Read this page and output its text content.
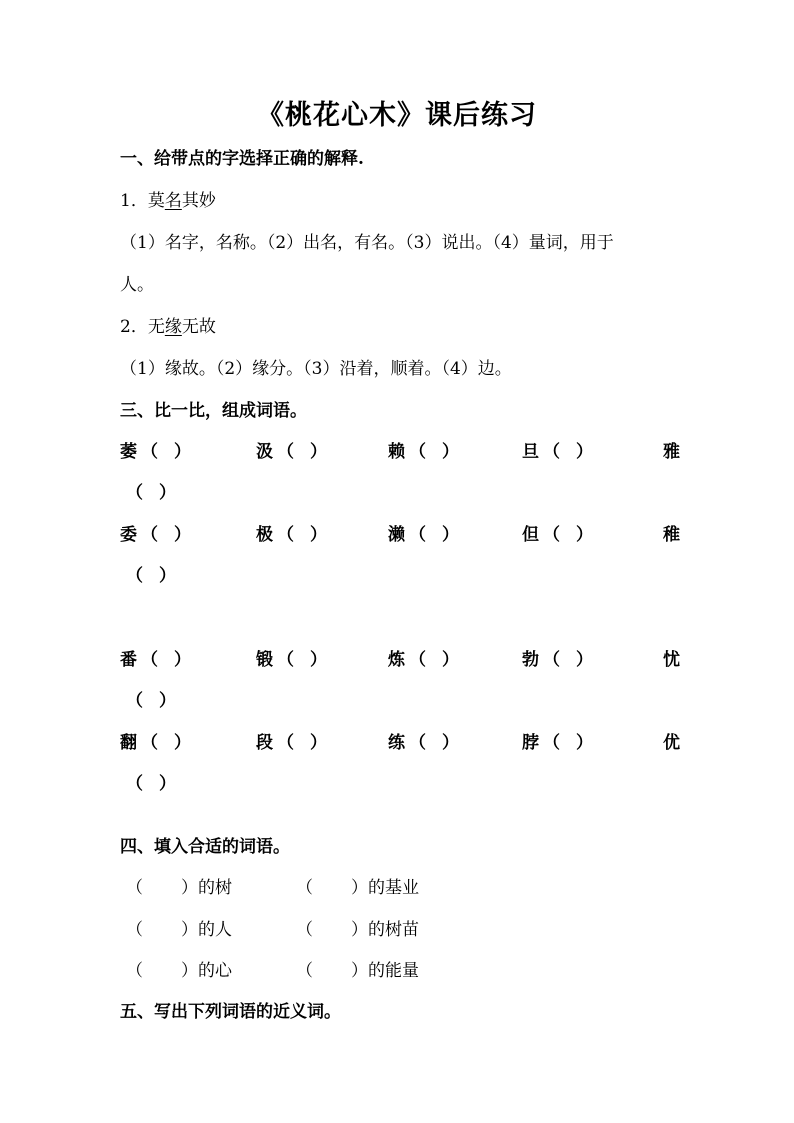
《桃花心木》课后练习
一、给带点的字选择正确的解释.
1．莫名其妙
（1）名字，名称。（2）出名，有名。（3）说出。（4）量词，用于
人。
2．无缘无故
（1）缘故。（2）缘分。（3）沿着，顺着。（4）边。
三、比一比，组成词语。
萎 （ ）	汲 （ ）	赖 （ ）	旦 （ ）	雅
（ ）
委 （ ）	极 （ ）	濑 （ ）	但 （ ）	稚
（ ）
番 （ ）	锻 （ ）	炼 （ ）	勃 （ ）	忧
（ ）
翻 （ ）	段 （ ）	练 （ ）	脖 （ ）	优
（ ）
四、填入合适的词语。
（ ）的树	（ ）的基业
（ ）的人	（ ）的树苗
（ ）的心	（ ）的能量
五、写出下列词语的近义词。
